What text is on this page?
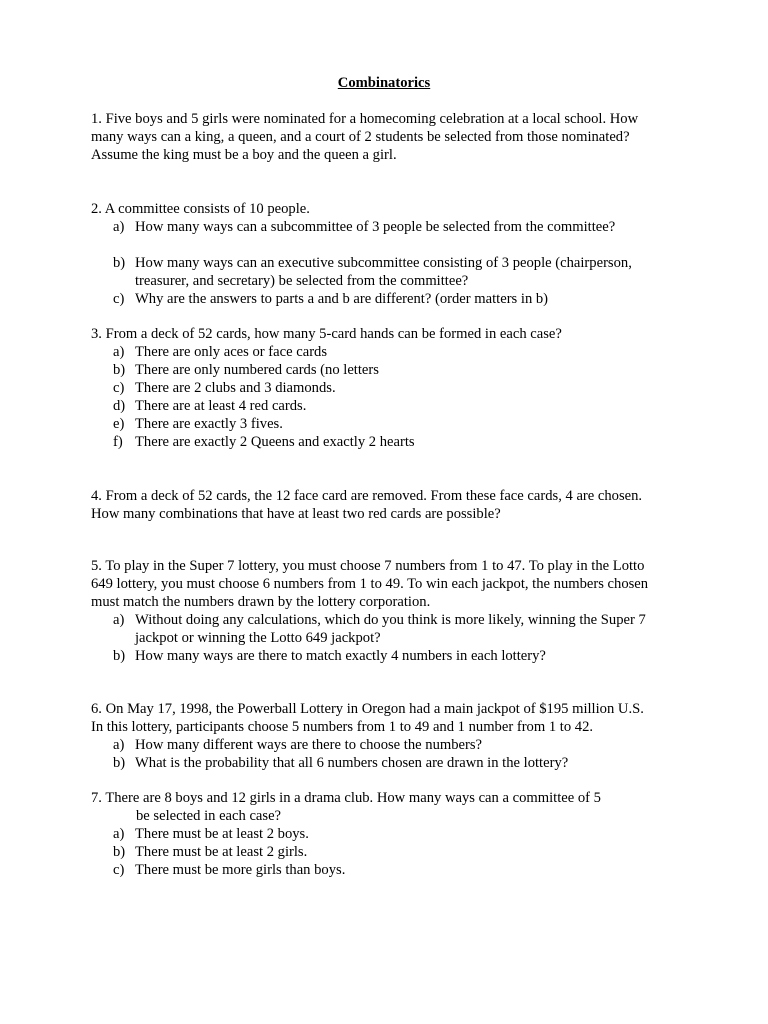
Combinatorics
1. Five boys and 5 girls were nominated for a homecoming celebration at a local school. How
many ways can a king, a queen, and a court of 2 students be selected from those nominated?
Assume the king must be a boy and the queen a girl.
2. A committee consists of 10 people.
a) How many ways can a subcommittee of 3 people be selected from the committee?
b) How many ways can an executive subcommittee consisting of 3 people (chairperson,
treasurer, and secretary) be selected from the committee?
c) Why are the answers to parts a and b are different? (order matters in b)
3. From a deck of 52 cards, how many 5-card hands can be formed in each case?
a) There are only aces or face cards
b) There are only numbered cards (no letters
c) There are 2 clubs and 3 diamonds.
d) There are at least 4 red cards.
e) There are exactly 3 fives.
f) There are exactly 2 Queens and exactly 2 hearts
4. From a deck of 52 cards, the 12 face card are removed. From these face cards, 4 are chosen.
How many combinations that have at least two red cards are possible?
5. To play in the Super 7 lottery, you must choose 7 numbers from 1 to 47. To play in the Lotto
649 lottery, you must choose 6 numbers from 1 to 49. To win each jackpot, the numbers chosen
must match the numbers drawn by the lottery corporation.
a) Without doing any calculations, which do you think is more likely, winning the Super 7
jackpot or winning the Lotto 649 jackpot?
b) How many ways are there to match exactly 4 numbers in each lottery?
6. On May 17, 1998, the Powerball Lottery in Oregon had a main jackpot of $195 million U.S.
In this lottery, participants choose 5 numbers from 1 to 49 and 1 number from 1 to 42.
a) How many different ways are there to choose the numbers?
b) What is the probability that all 6 numbers chosen are drawn in the lottery?
7. There are 8 boys and 12 girls in a drama club. How many ways can a committee of 5
be selected in each case?
a) There must be at least 2 boys.
b) There must be at least 2 girls.
c) There must be more girls than boys.
